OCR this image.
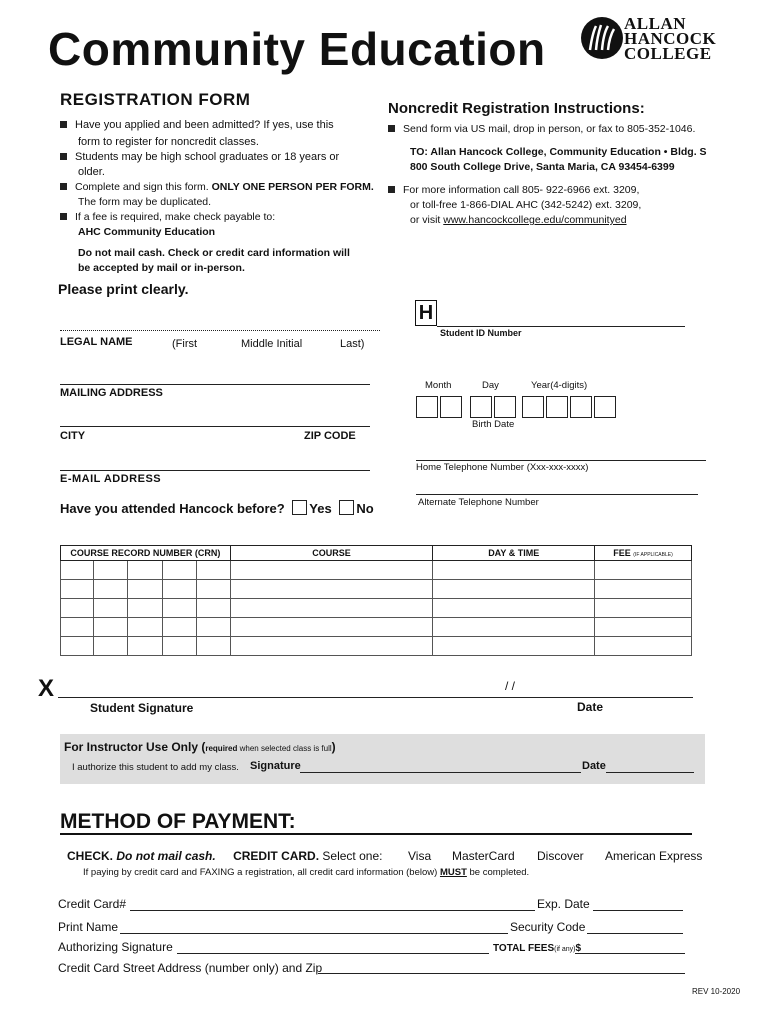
Community Education	ALLAN
HANCOCK
COLLEGE
REGISTRATION FORM
Have you applied and been admitted? If yes, use this
form to register for noncredit classes.
Students may be high school graduates or 18 years or
older.
Complete and sign this form. ONLY ONE PERSON PER FORM.
The form may be duplicated.
If a fee is required, make check payable to:
AHC Community Education
Do not mail cash. Check or credit card information will
be accepted by mail or in-person.
Noncredit Registration Instructions:
Send form via US mail, drop in person, or fax to 805-352-1046.
TO: Allan Hancock College, Community Education • Bldg. S
800 South College Drive, Santa Maria, CA 93454-6399
For more information call 805- 922-6966 ext. 3209,
or toll-free 1-866-DIAL AHC (342-5242) ext. 3209,
or visit www.hancockcollege.edu/communityed
Please print clearly.
H
Student ID Number
LEGAL NAME	(First	Middle Initial	Last)
Month	Day	Year(4-digits)
Birth Date
MAILING ADDRESS
CITY	ZIP CODE
Home Telephone Number (Xxx-xxx-xxxx)
Alternate Telephone Number
E-MAIL ADDRESS
Have you attended Hancock before? Yes No
COURSE RECORD NUMBER (CRN)					COURSE	DAY & TIME	FEE (IF APPLICABLE)

X	/ /
Student Signature	Date
For Instructor Use Only (required when selected class is full)
I authorize this student to add my class. Signature	Date
METHOD OF PAYMENT:
CHECK. Do not mail cash. CREDIT CARD. Select one: Visa MasterCard Discover American Express
If paying by credit card and FAXING a registration, all credit card information (below) MUST be completed.
Credit Card#	Exp. Date
Print Name	Security Code
Authorizing Signature	TOTAL FEES(if any)$
Credit Card Street Address (number only) and Zip
REV 10-2020
